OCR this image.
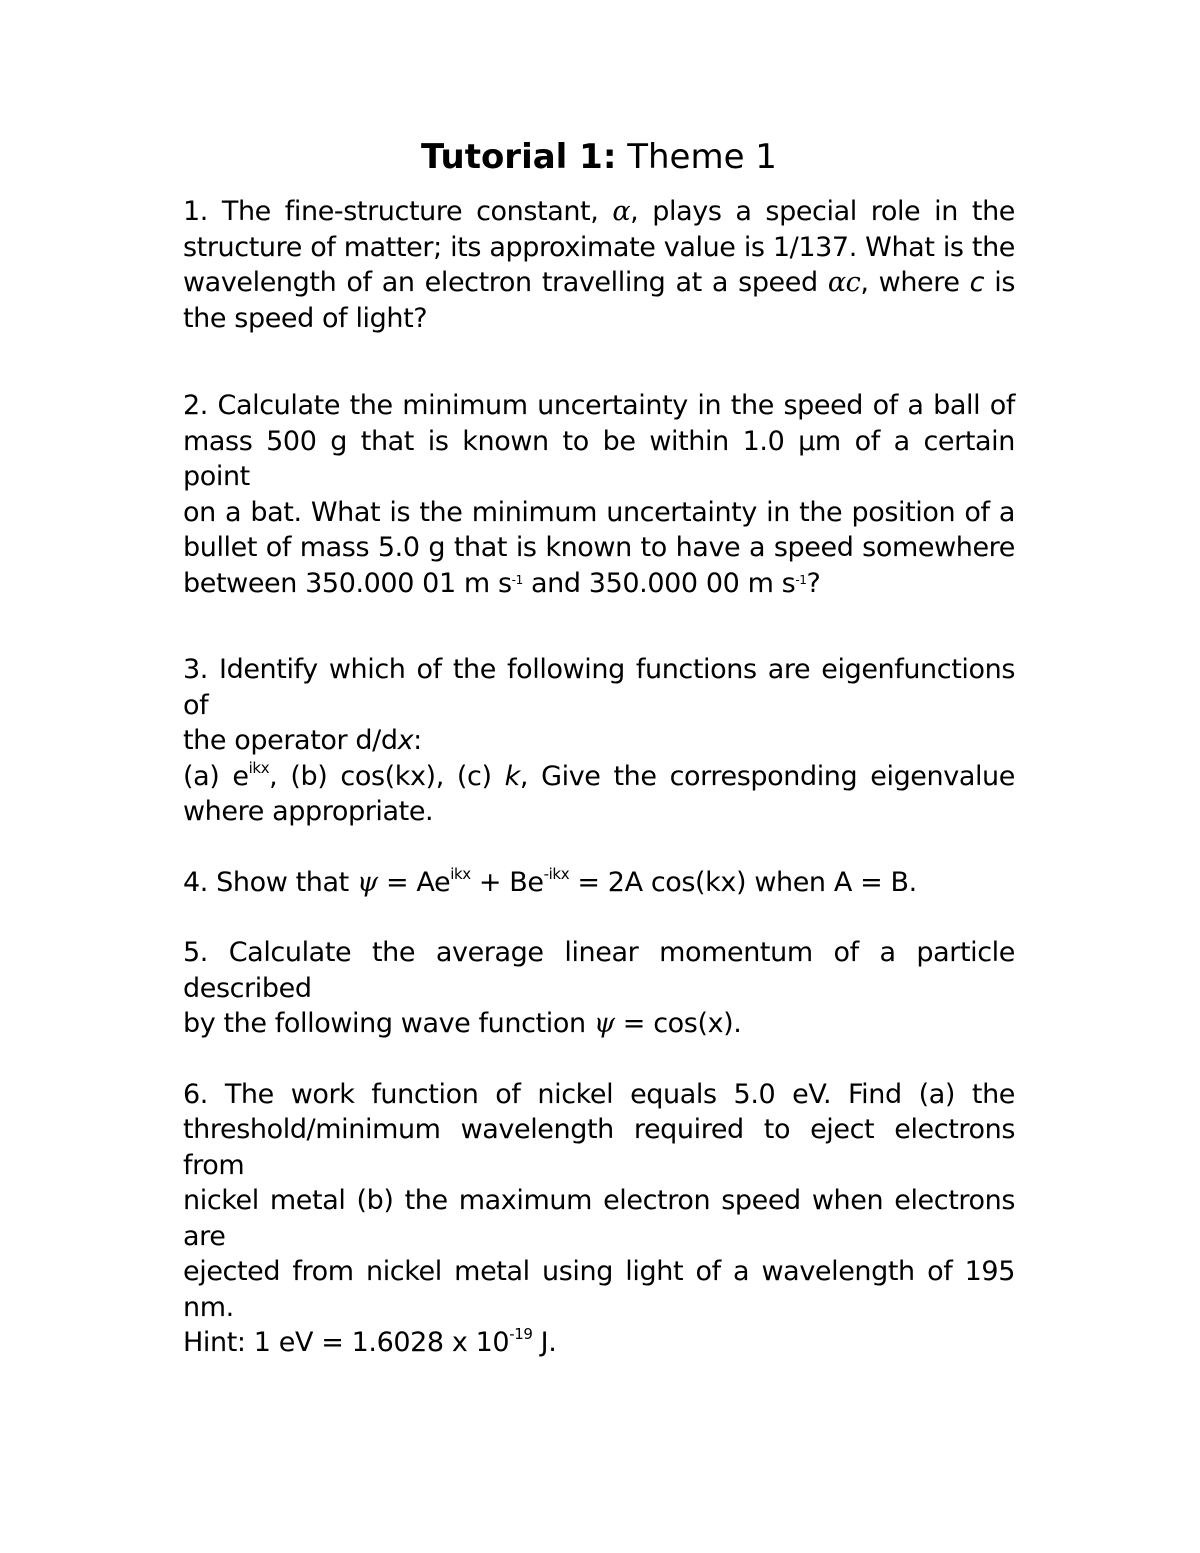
Tutorial 1: Theme 1
1. The fine-structure constant, α, plays a special role in the
structure of matter; its approximate value is 1/137. What is the
wavelength of an electron travelling at a speed αc, where c is
the speed of light?
2. Calculate the minimum uncertainty in the speed of a ball of
mass 500 g that is known to be within 1.0 µm of a certain point
on a bat. What is the minimum uncertainty in the position of a
bullet of mass 5.0 g that is known to have a speed somewhere
between 350.000 01 m $s^{-1}$ and 350.000 00 m $s^{-1}$?
3. Identify which of the following functions are eigenfunctions of
the operator d/dx:
(a) $e^{ikx}$, (b) cos(kx), (c) k, Give the corresponding eigenvalue
where appropriate.
4. Show that $\psi = Ae^{ikx} + Be^{-ikx} = 2A$ cos(kx) when A = B.
5. Calculate the average linear momentum of a particle described
by the following wave function ψ = cos(x).
6. The work function of nickel equals 5.0 eV. Find (a) the
threshold/minimum wavelength required to eject electrons from
nickel metal (b) the maximum electron speed when electrons are
ejected from nickel metal using light of a wavelength of 195 nm.
Hint: 1 eV = 1.6028 x $10^{-19}$ J.
